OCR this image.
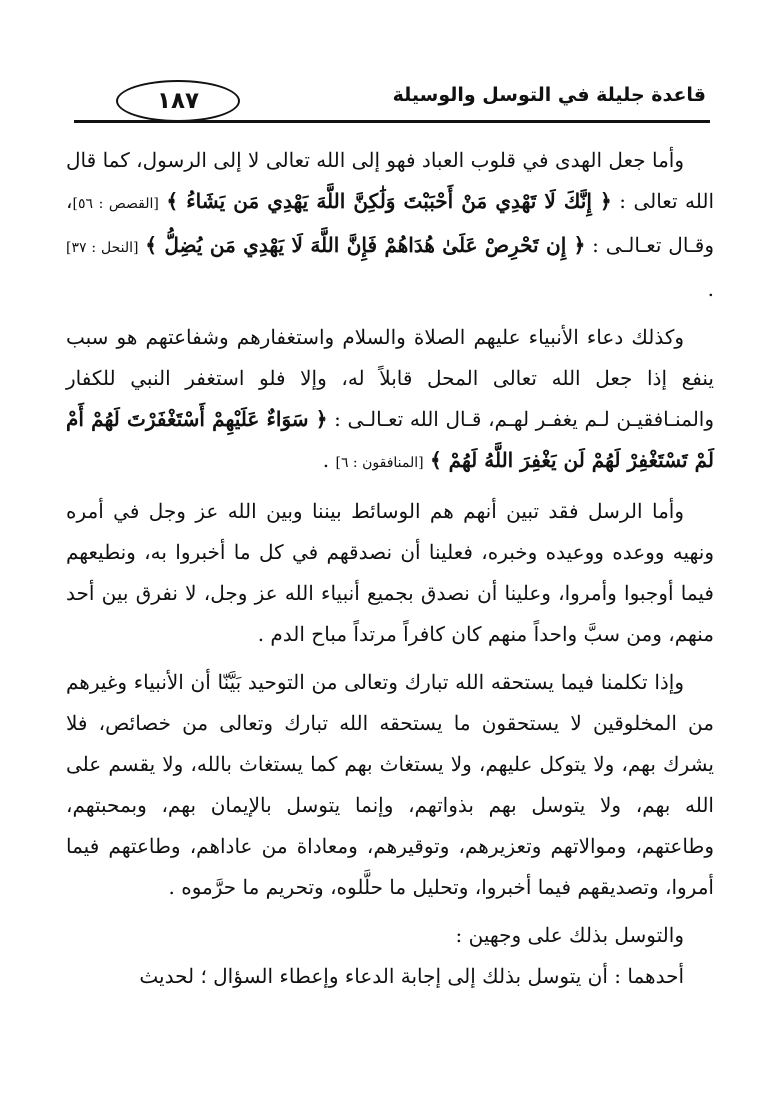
قاعدة جليلة في التوسل والوسيلة
١٨٧

وأما جعل الهدى في قلوب العباد فهو إلى الله تعالى لا إلى الرسول، كما قال الله تعالى : ﴿ إِنَّكَ لَا تَهْدِي مَنْ أَحْبَبْتَ وَلَٰكِنَّ اللَّهَ يَهْدِي مَن يَشَاءُ ﴾ [القصص : ٥٦]، وقـال تعـالـى : ﴿ إِن تَحْرِصْ عَلَىٰ هُدَاهُمْ فَإِنَّ اللَّهَ لَا يَهْدِي مَن يُضِلُّ ﴾ [النحل : ٣٧] .

وكذلك دعاء الأنبياء عليهم الصلاة والسلام واستغفارهم وشفاعتهم هو سبب ينفع إذا جعل الله تعالى المحل قابلاً له، وإلا فلو استغفر النبي للكفار والمنـافقيـن لـم يغفـر لهـم، قـال الله تعـالـى : ﴿ سَوَاءٌ عَلَيْهِمْ أَسْتَغْفَرْتَ لَهُمْ أَمْ لَمْ تَسْتَغْفِرْ لَهُمْ لَن يَغْفِرَ اللَّهُ لَهُمْ ﴾ [المنافقون : ٦] .

وأما الرسل فقد تبين أنهم هم الوسائط بيننا وبين الله عز وجل في أمره ونهيه ووعده ووعيده وخبره، فعلينا أن نصدقهم في كل ما أخبروا به، ونطيعهم فيما أوجبوا وأمروا، وعلينا أن نصدق بجميع أنبياء الله عز وجل، لا نفرق بين أحد منهم، ومن سبَّ واحداً منهم كان كافراً مرتداً مباح الدم .

وإذا تكلمنا فيما يستحقه الله تبارك وتعالى من التوحيد بَيَّنّا أن الأنبياء وغيرهم من المخلوقين لا يستحقون ما يستحقه الله تبارك وتعالى من خصائص، فلا يشرك بهم، ولا يتوكل عليهم، ولا يستغاث بهم كما يستغاث بالله، ولا يقسم على الله بهم، ولا يتوسل بهم بذواتهم، وإنما يتوسل بالإيمان بهم، وبمحبتهم، وطاعتهم، وموالاتهم وتعزيرهم، وتوقيرهم، ومعاداة من عاداهم، وطاعتهم فيما أمروا، وتصديقهم فيما أخبروا، وتحليل ما حلَّلوه، وتحريم ما حرَّموه .

والتوسل بذلك على وجهين :

أحدهما : أن يتوسل بذلك إلى إجابة الدعاء وإعطاء السؤال ؛ لحديث
